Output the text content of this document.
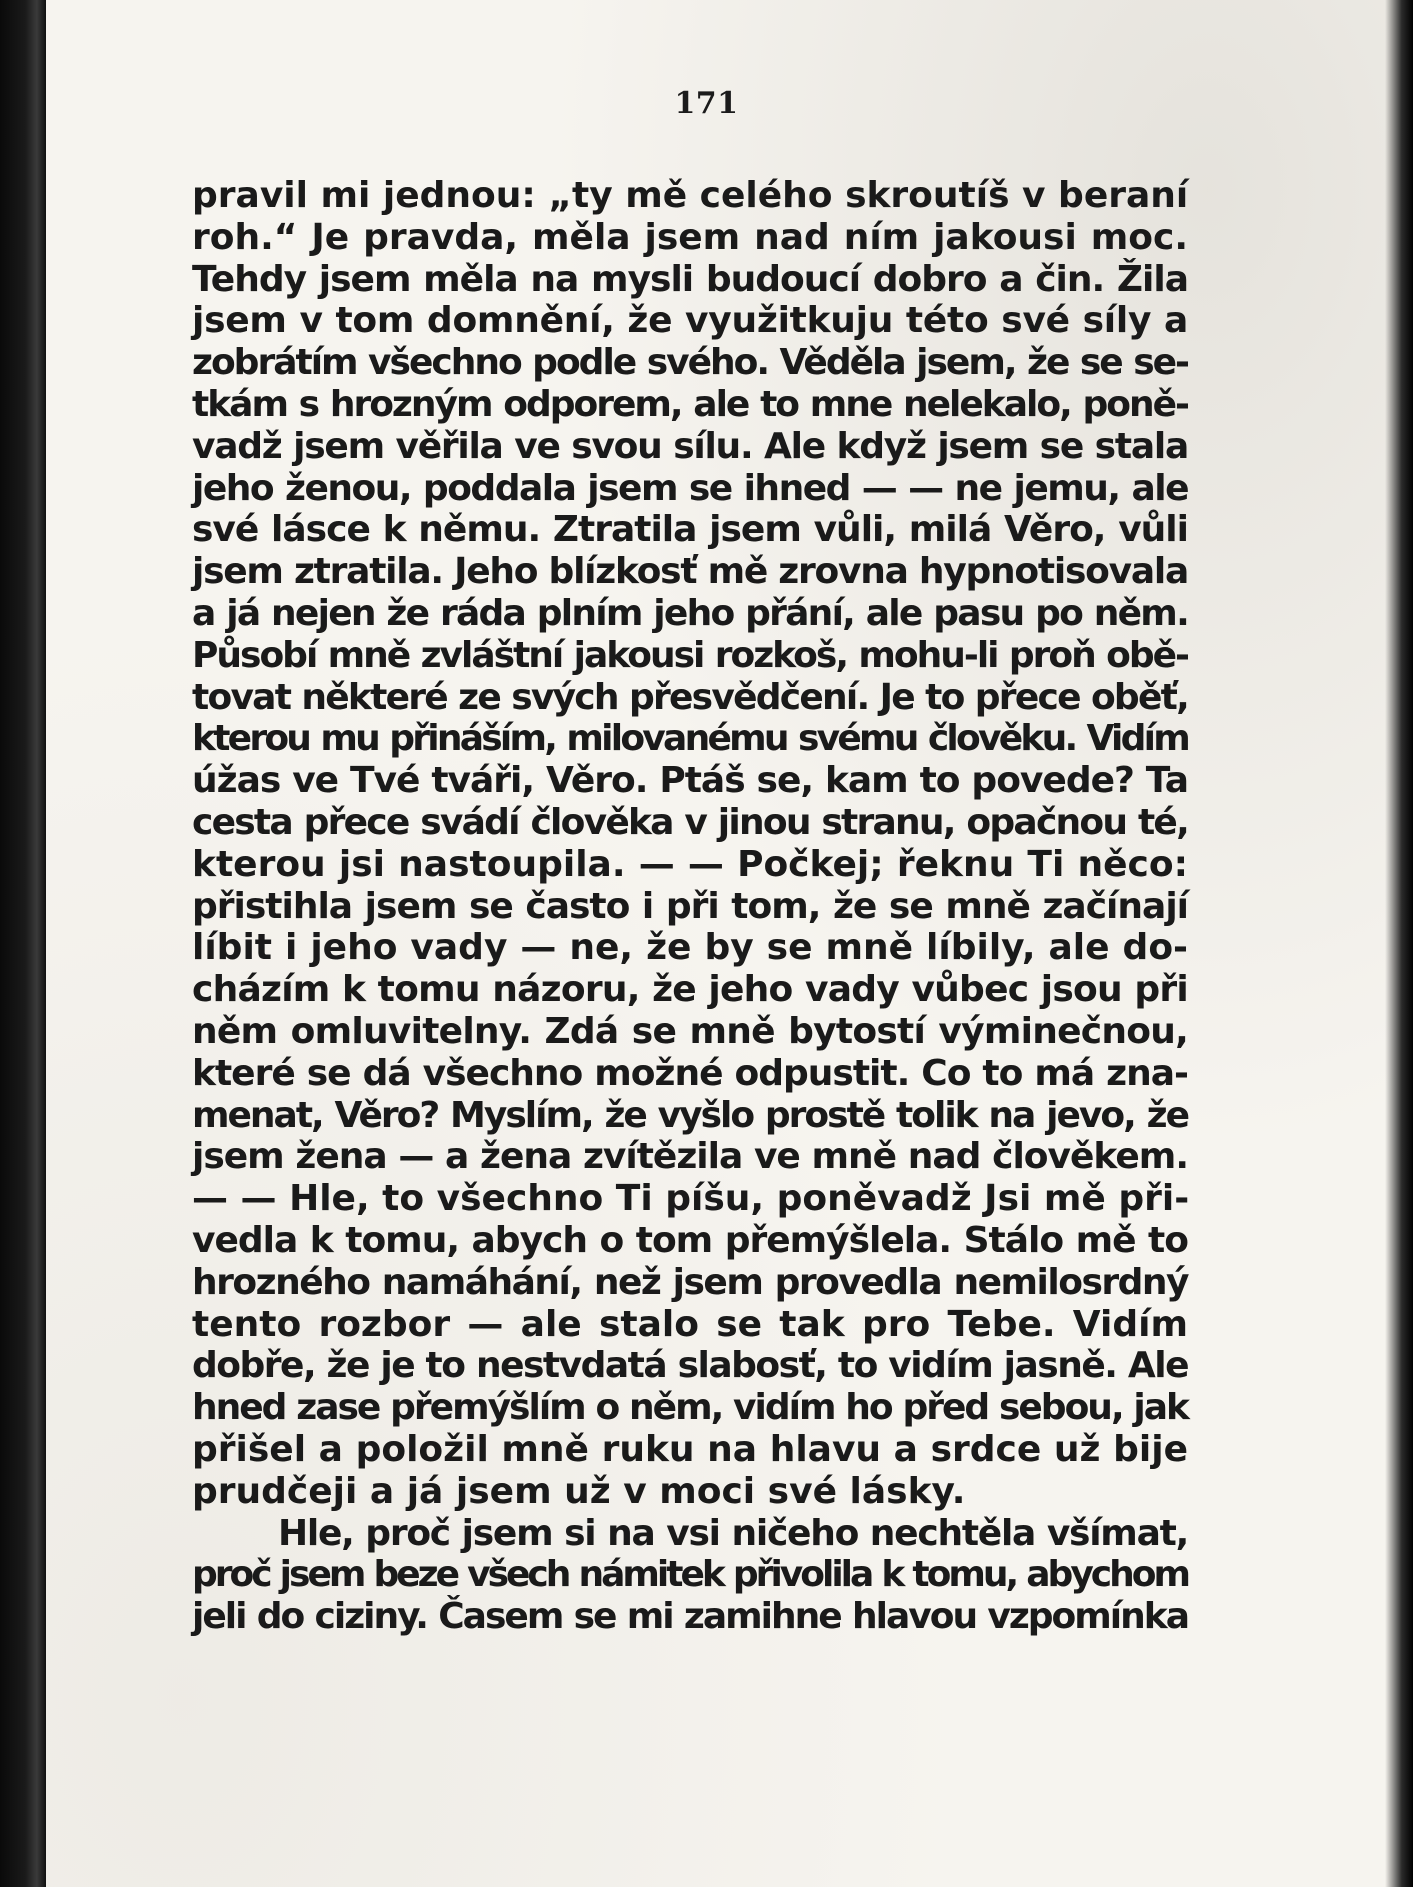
171
pravil mi jednou: „ty mě celého skroutíš v beraní
roh.“ Je pravda, měla jsem nad ním jakousi moc.
Tehdy jsem měla na mysli budoucí dobro a čin. Žila
jsem v tom domnění, že využitkuju této své síly a
zobrátím všechno podle svého. Věděla jsem, že se se-
tkám s hrozným odporem, ale to mne nelekalo, poně-
vadž jsem věřila ve svou sílu. Ale když jsem se stala
jeho ženou, poddala jsem se ihned — — ne jemu, ale
své lásce k němu. Ztratila jsem vůli, milá Věro, vůli
jsem ztratila. Jeho blízkosť mě zrovna hypnotisovala
a já nejen že ráda plním jeho přání, ale pasu po něm.
Působí mně zvláštní jakousi rozkoš, mohu-li proň obě-
tovat některé ze svých přesvědčení. Je to přece oběť,
kterou mu přináším, milovanému svému člověku. Vidím
úžas ve Tvé tváři, Věro. Ptáš se, kam to povede? Ta
cesta přece svádí člověka v jinou stranu, opačnou té,
kterou jsi nastoupila. — — Počkej; řeknu Ti něco:
přistihla jsem se často i při tom, že se mně začínají
líbit i jeho vady — ne, že by se mně líbily, ale do-
cházím k tomu názoru, že jeho vady vůbec jsou při
něm omluvitelny. Zdá se mně bytostí výminečnou,
které se dá všechno možné odpustit. Co to má zna-
menat, Věro? Myslím, že vyšlo prostě tolik na jevo, že
jsem žena — a žena zvítězila ve mně nad člověkem.
— — Hle, to všechno Ti píšu, poněvadž Jsi mě při-
vedla k tomu, abych o tom přemýšlela. Stálo mě to
hrozného namáhání, než jsem provedla nemilosrdný
tento rozbor — ale stalo se tak pro Tebe. Vidím
dobře, že je to nestvdatá slabosť, to vidím jasně. Ale
hned zase přemýšlím o něm, vidím ho před sebou, jak
přišel a položil mně ruku na hlavu a srdce už bije
prudčeji a já jsem už v moci své lásky.
Hle, proč jsem si na vsi ničeho nechtěla všímat,
proč jsem beze všech námitek přivolila k tomu, abychom
jeli do ciziny. Časem se mi zamihne hlavou vzpomínka
